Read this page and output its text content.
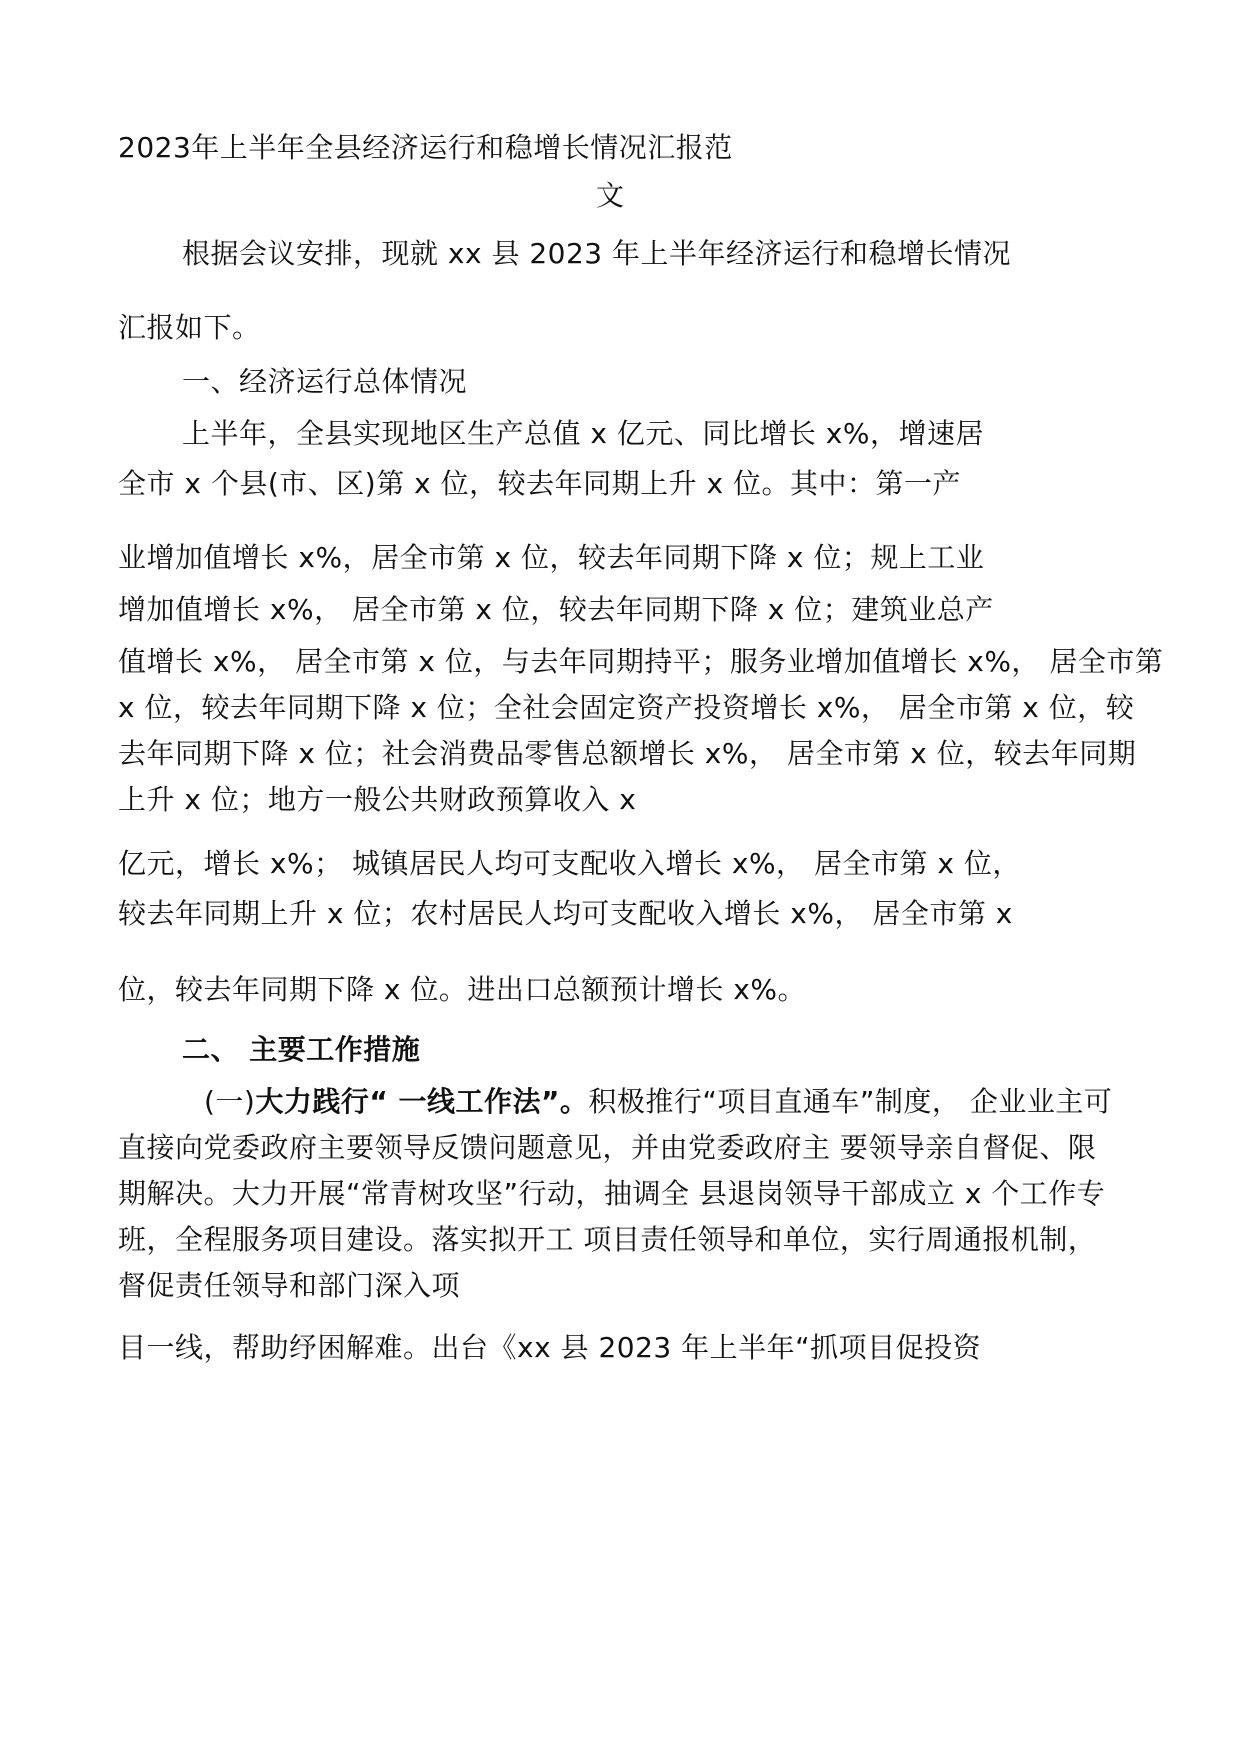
2023年上半年全县经济运行和稳增长情况汇报范
文
根据会议安排，现就 xx 县 2023 年上半年经济运行和稳增长情况
汇报如下。
一、经济运行总体情况
上半年，全县实现地区生产总值 x 亿元、同比增长 x%，增速居
全市 x 个县(市、区)第 x 位，较去年同期上升 x 位。其中：第一产
业增加值增长 x%，居全市第 x 位，较去年同期下降 x 位；规上工业
增加值增长 x%， 居全市第 x 位，较去年同期下降 x 位；建筑业总产
值增长 x%， 居全市第 x 位，与去年同期持平；服务业增加值增长 x%， 居全市第
x 位，较去年同期下降 x 位；全社会固定资产投资增长 x%， 居全市第 x 位，较
去年同期下降 x 位；社会消费品零售总额增长 x%， 居全市第 x 位，较去年同期
上升 x 位；地方一般公共财政预算收入 x
亿元，增长 x%； 城镇居民人均可支配收入增长 x%， 居全市第 x 位，
较去年同期上升 x 位；农村居民人均可支配收入增长 x%， 居全市第 x
位，较去年同期下降 x 位。进出口总额预计增长 x%。
二、 主要工作措施
(一)大力践行“ 一线工作法”。积极推行“项目直通车”制度， 企业业主可
直接向党委政府主要领导反馈问题意见，并由党委政府主 要领导亲自督促、限
期解决。大力开展“常青树攻坚”行动，抽调全 县退岗领导干部成立 x 个工作专
班，全程服务项目建设。落实拟开工 项目责任领导和单位，实行周通报机制，
督促责任领导和部门深入项
目一线，帮助纾困解难。出台《xx 县 2023 年上半年“抓项目促投资
